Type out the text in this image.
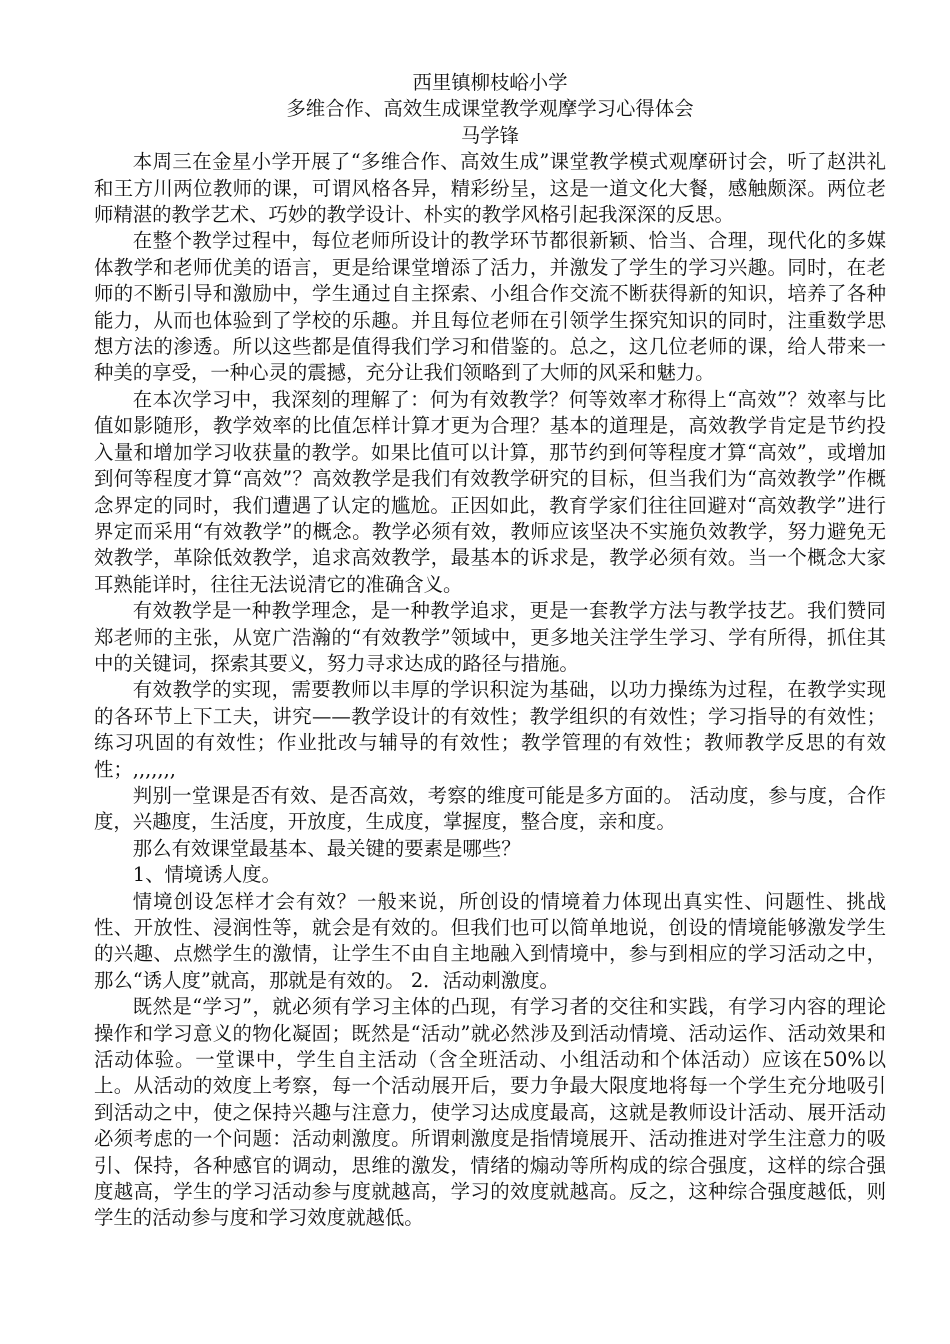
西里镇柳枝峪小学

多维合作、高效生成课堂教学观摩学习心得体会

马学锋

本周三在金星小学开展了“多维合作、高效生成”课堂教学模式观摩研讨会，听了赵洪礼和王方川两位教师的课，可谓风格各异，精彩纷呈，这是一道文化大餐，感触颇深。两位老师精湛的教学艺术、巧妙的教学设计、朴实的教学风格引起我深深的反思。

在整个教学过程中，每位老师所设计的教学环节都很新颖、恰当、合理，现代化的多媒体教学和老师优美的语言，更是给课堂增添了活力，并激发了学生的学习兴趣。同时，在老师的不断引导和激励中，学生通过自主探索、小组合作交流不断获得新的知识，培养了各种能力，从而也体验到了学校的乐趣。并且每位老师在引领学生探究知识的同时，注重数学思想方法的渗透。所以这些都是值得我们学习和借鉴的。总之，这几位老师的课，给人带来一种美的享受，一种心灵的震撼，充分让我们领略到了大师的风采和魅力。

在本次学习中，我深刻的理解了：何为有效教学？何等效率才称得上“高效”？效率与比值如影随形，教学效率的比值怎样计算才更为合理？基本的道理是，高效教学肯定是节约投入量和增加学习收获量的教学。如果比值可以计算，那节约到何等程度才算“高效”，或增加到何等程度才算“高效”？高效教学是我们有效教学研究的目标，但当我们为“高效教学”作概念界定的同时，我们遭遇了认定的尴尬。正因如此，教育学家们往往回避对“高效教学”进行界定而采用“有效教学”的概念。教学必须有效，教师应该坚决不实施负效教学，努力避免无效教学，革除低效教学，追求高效教学，最基本的诉求是，教学必须有效。当一个概念大家耳熟能详时，往往无法说清它的准确含义。

有效教学是一种教学理念，是一种教学追求，更是一套教学方法与教学技艺。我们赞同郑老师的主张，从宽广浩瀚的“有效教学”领域中，更多地关注学生学习、学有所得，抓住其中的关键词，探索其要义，努力寻求达成的路径与措施。

有效教学的实现，需要教师以丰厚的学识积淀为基础，以功力操练为过程，在教学实现的各环节上下工夫，讲究——教学设计的有效性；教学组织的有效性；学习指导的有效性；练习巩固的有效性；作业批改与辅导的有效性；教学管理的有效性；教师教学反思的有效性；,,,,,,,

判别一堂课是否有效、是否高效，考察的维度可能是多方面的。 活动度，参与度，合作度，兴趣度，生活度，开放度，生成度，掌握度，整合度，亲和度。

那么有效课堂最基本、最关键的要素是哪些？

1、情境诱人度。

情境创设怎样才会有效？一般来说，所创设的情境着力体现出真实性、问题性、挑战性、开放性、浸润性等，就会是有效的。但我们也可以简单地说，创设的情境能够激发学生的兴趣、点燃学生的激情，让学生不由自主地融入到情境中，参与到相应的学习活动之中，那么“诱人度”就高，那就是有效的。 2．活动刺激度。

既然是“学习”，就必须有学习主体的凸现，有学习者的交往和实践，有学习内容的理论操作和学习意义的物化凝固；既然是“活动”就必然涉及到活动情境、活动运作、活动效果和活动体验。一堂课中，学生自主活动（含全班活动、小组活动和个体活动）应该在50%以上。从活动的效度上考察，每一个活动展开后，要力争最大限度地将每一个学生充分地吸引到活动之中，使之保持兴趣与注意力，使学习达成度最高，这就是教师设计活动、展开活动必须考虑的一个问题：活动刺激度。所谓刺激度是指情境展开、活动推进对学生注意力的吸引、保持，各种感官的调动，思维的激发，情绪的煽动等所构成的综合强度，这样的综合强度越高，学生的学习活动参与度就越高，学习的效度就越高。反之，这种综合强度越低，则学生的活动参与度和学习效度就越低。
